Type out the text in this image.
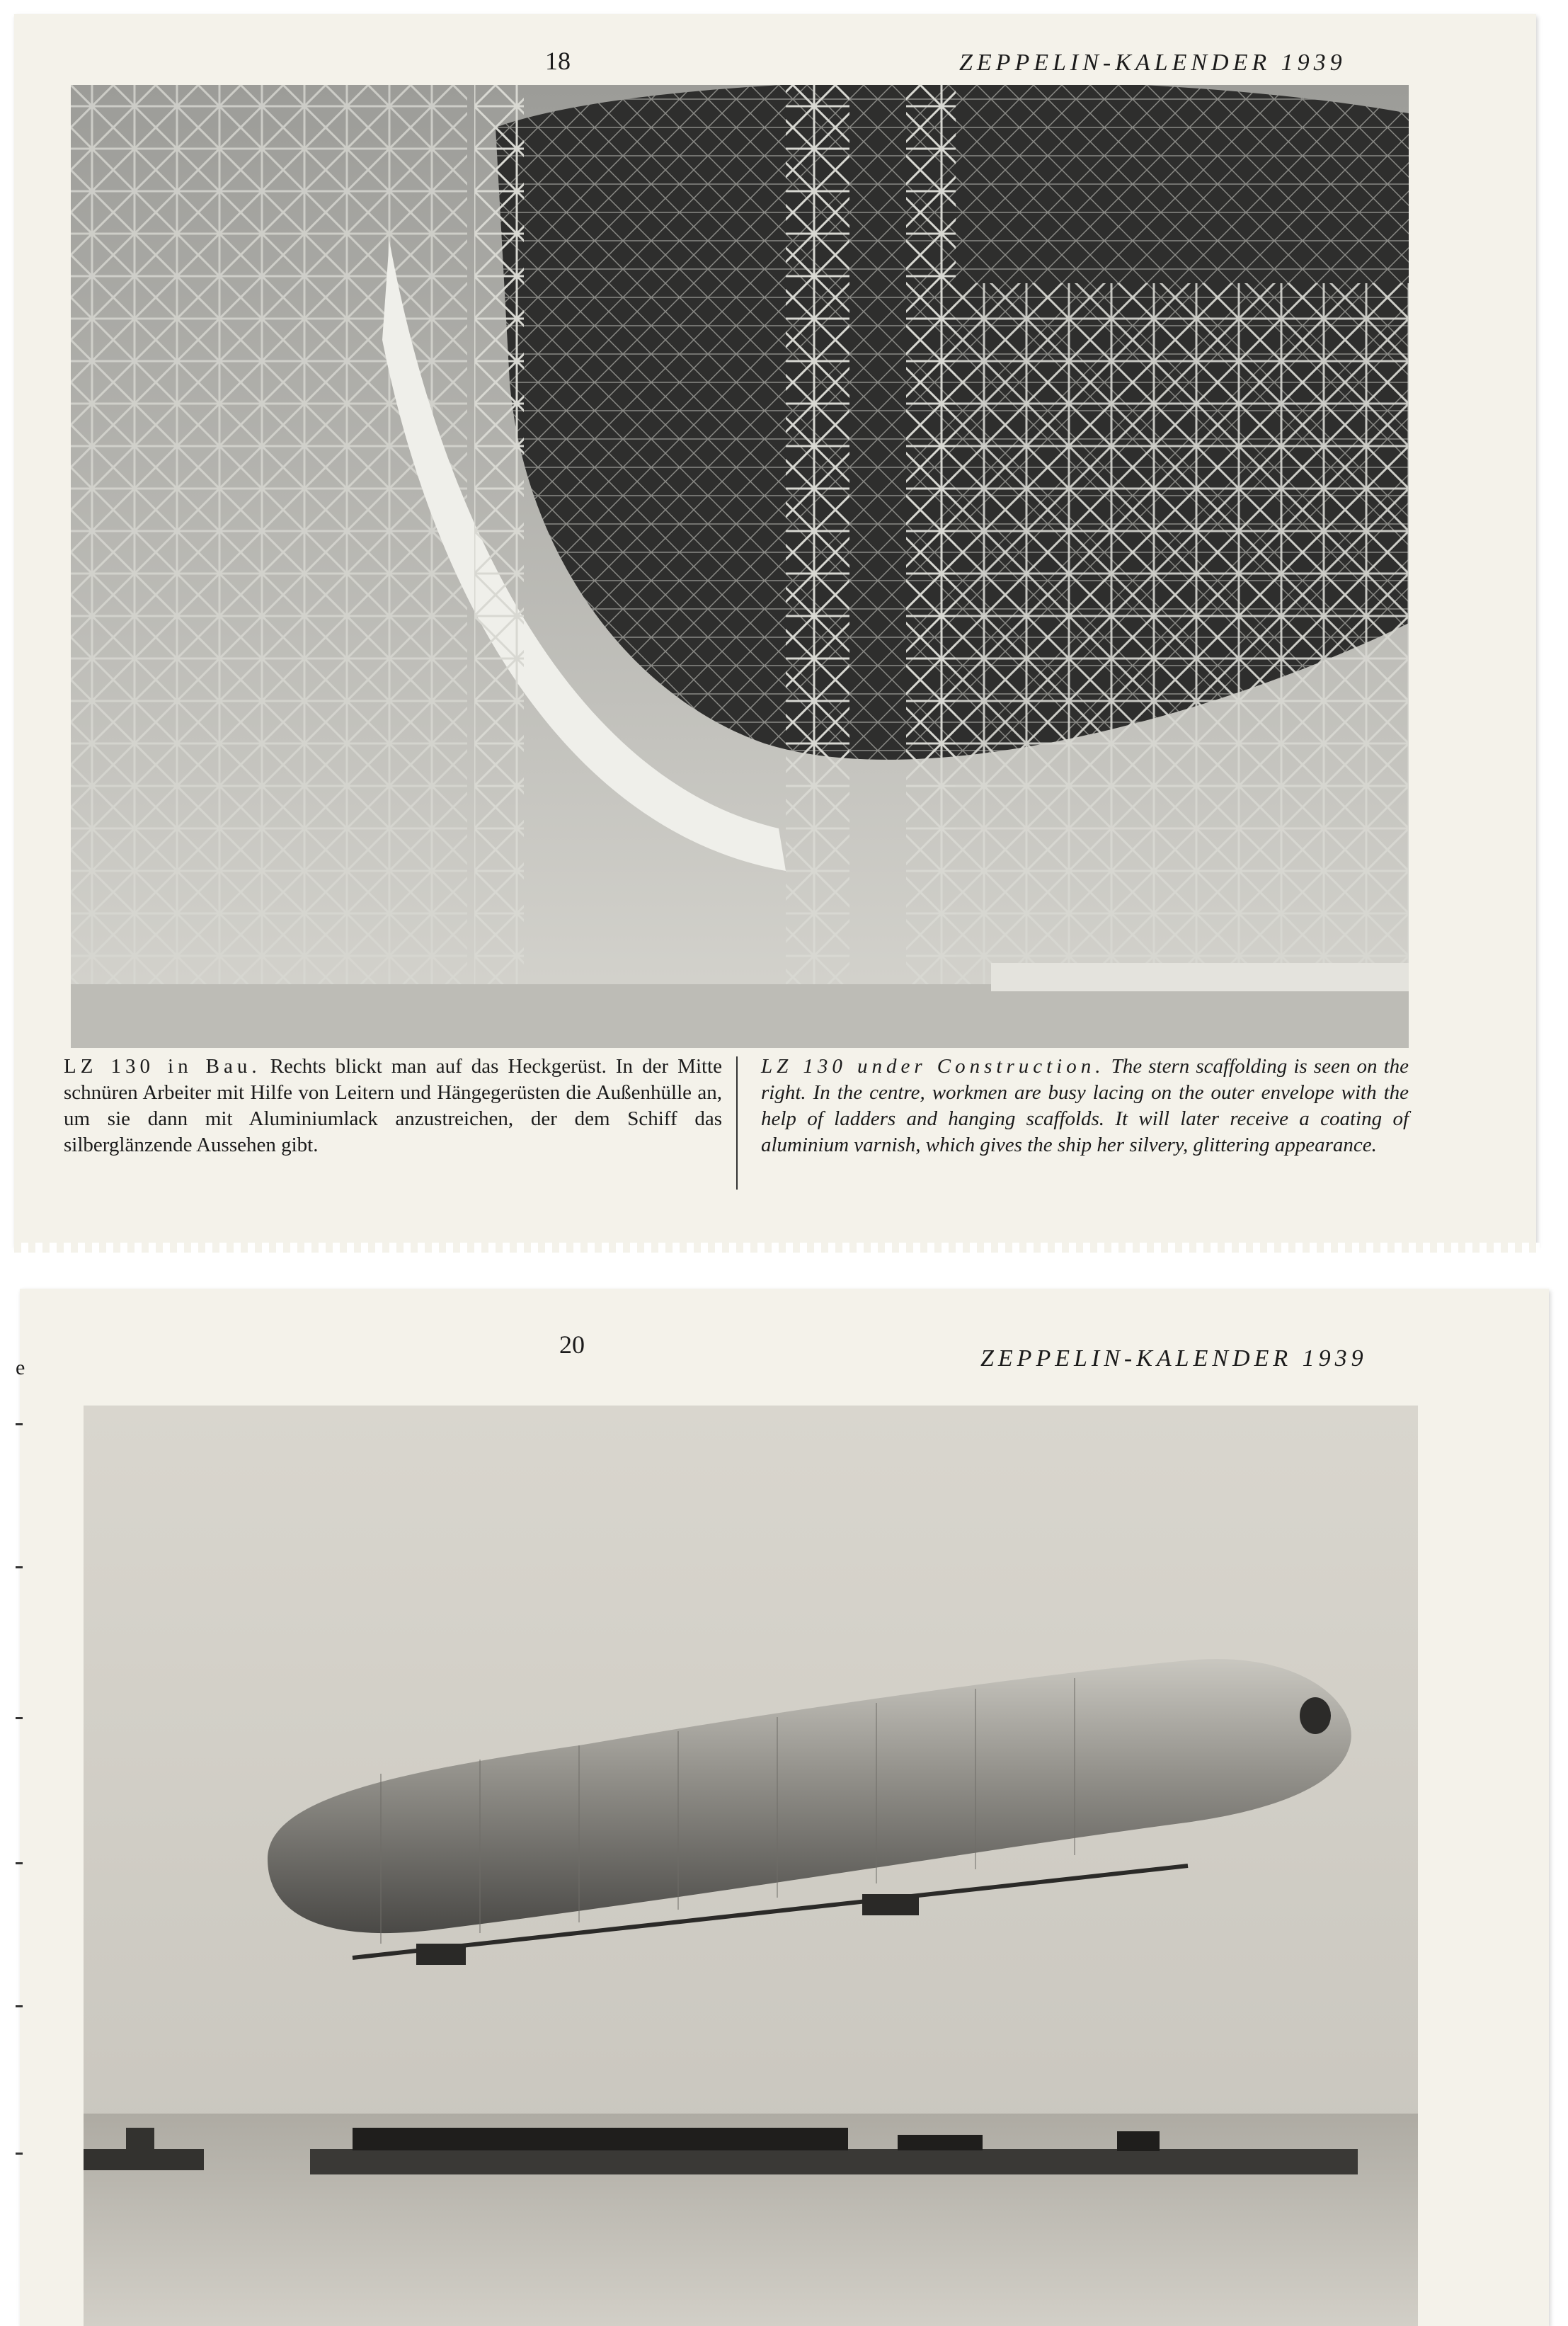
18	ZEPPELIN-KALENDER 1939
LZ 130 in Bau. Rechts blickt man auf das Heckgerüst. In der Mitte schnüren Arbeiter mit Hilfe von Leitern und Hängegerüsten die Außenhülle an, um sie dann mit Aluminiumlack anzustreichen, der dem Schiff das silberglänzende Aussehen gibt.
LZ 130 under Construction. The stern scaffolding is seen on the right. In the centre, workmen are busy lacing on the outer envelope with the help of ladders and hanging scaffolds. It will later receive a coating of aluminium varnish, which gives the ship her silvery, glittering appearance.
20	ZEPPELIN-KALENDER 1939
e
